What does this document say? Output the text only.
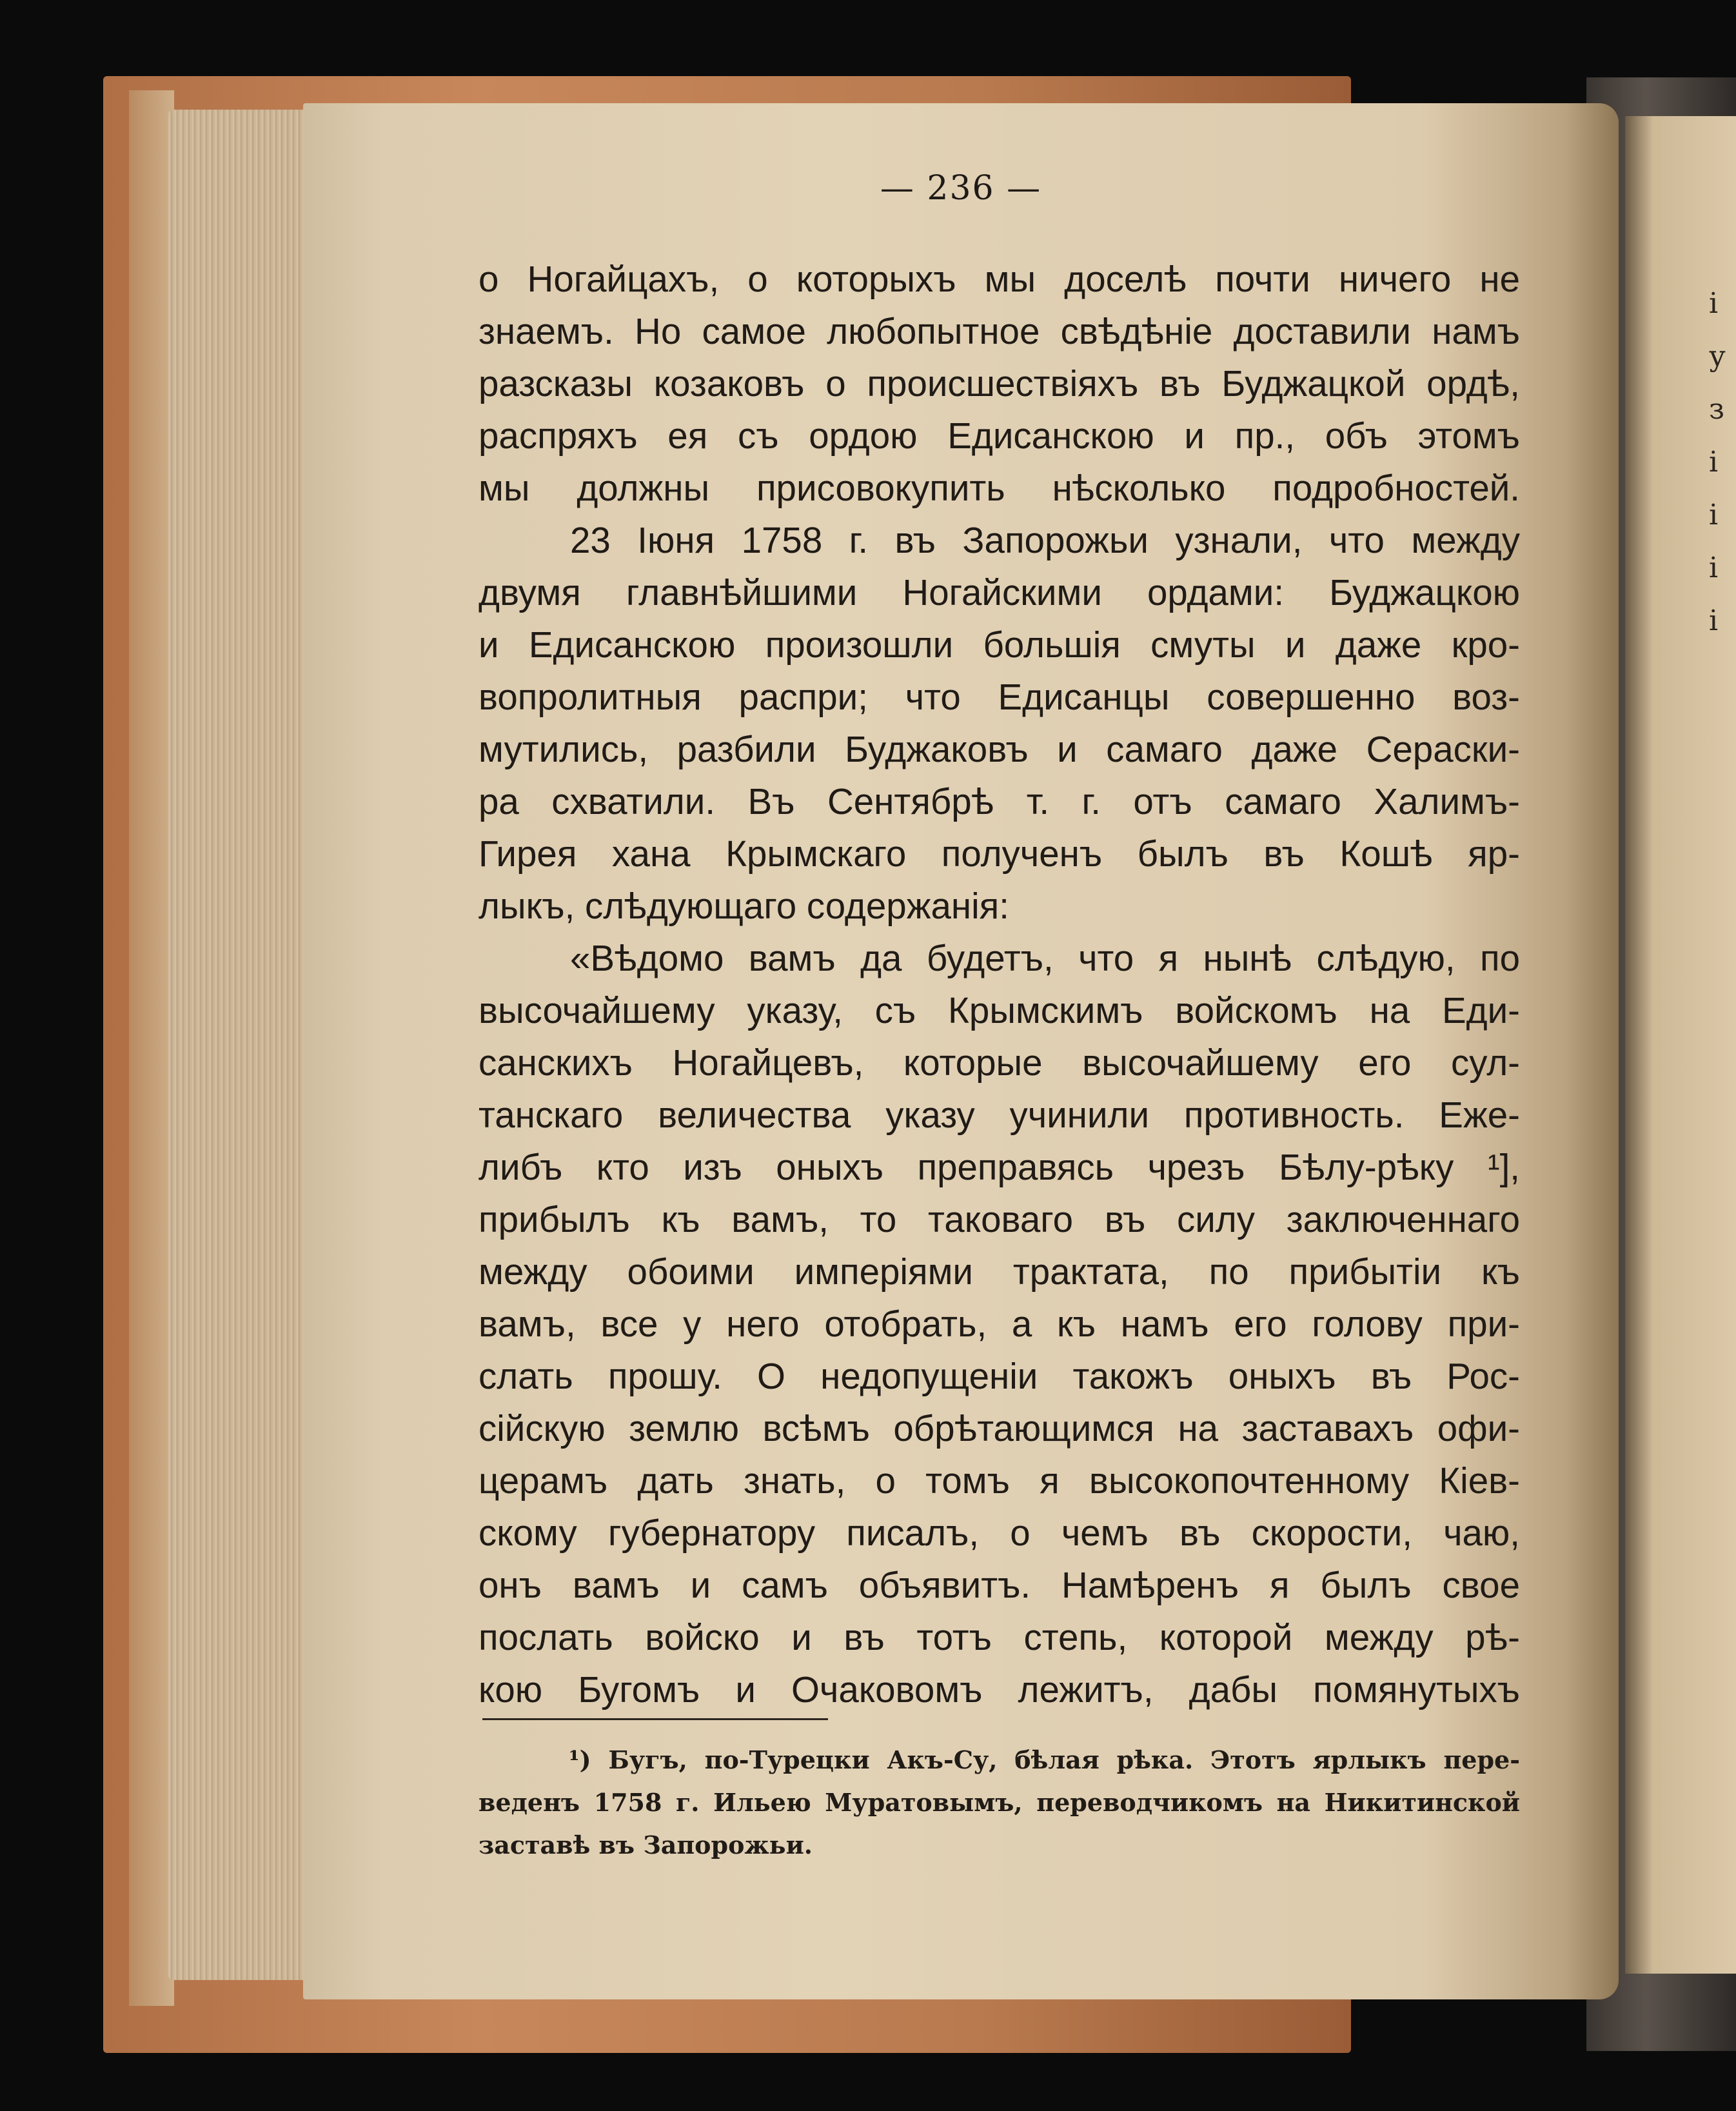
і
у
з
і
і
і
і
— 236 —
о Ногайцахъ, о которыхъ мы доселѣ почти ничего не
знаемъ. Но самое любопытное свѣдѣніе доставили намъ
разсказы козаковъ о происшествіяхъ въ Буджацкой ордѣ,
распряхъ ея съ ордою Едисанскою и пр., объ этомъ
мы должны присовокупить нѣсколько подробностей.
23 Іюня 1758 г. въ Запорожьи узнали, что между
двумя главнѣйшими Ногайскими ордами: Буджацкою
и Едисанскою произошли большія смуты и даже кро-
вопролитныя распри; что Едисанцы совершенно воз-
мутились, разбили Буджаковъ и самаго даже Сераски-
ра схватили. Въ Сентябрѣ т. г. отъ самаго Халимъ-
Гирея хана Крымскаго полученъ былъ въ Кошѣ яр-
лыкъ, слѣдующаго содержанія:
«Вѣдомо вамъ да будетъ, что я нынѣ слѣдую, по
высочайшему указу, съ Крымскимъ войскомъ на Еди-
санскихъ Ногайцевъ, которые высочайшему его сул-
танскаго величества указу учинили противность. Еже-
либъ кто изъ оныхъ преправясь чрезъ Бѣлу-рѣку ¹],
прибылъ къ вамъ, то таковаго въ силу заключеннаго
между обоими имперіями трактата, по прибытіи къ
вамъ, все у него отобрать, а къ намъ его голову при-
слать прошу. О недопущеніи такожъ оныхъ въ Рос-
сійскую землю всѣмъ обрѣтающимся на заставахъ офи-
церамъ дать знать, о томъ я высокопочтенному Кіев-
скому губернатору писалъ, о чемъ въ скорости, чаю,
онъ вамъ и самъ объявитъ. Намѣренъ я былъ свое
послать войско и въ тотъ степь, которой между рѣ-
кою Бугомъ и Очаковомъ лежитъ, дабы помянутыхъ
¹) Бугъ, по-Турецки Акъ-Су, бѣлая рѣка. Этотъ ярлыкъ пере-
веденъ 1758 г. Ильею Муратовымъ, переводчикомъ на Никитинской
заставѣ въ Запорожьи.
